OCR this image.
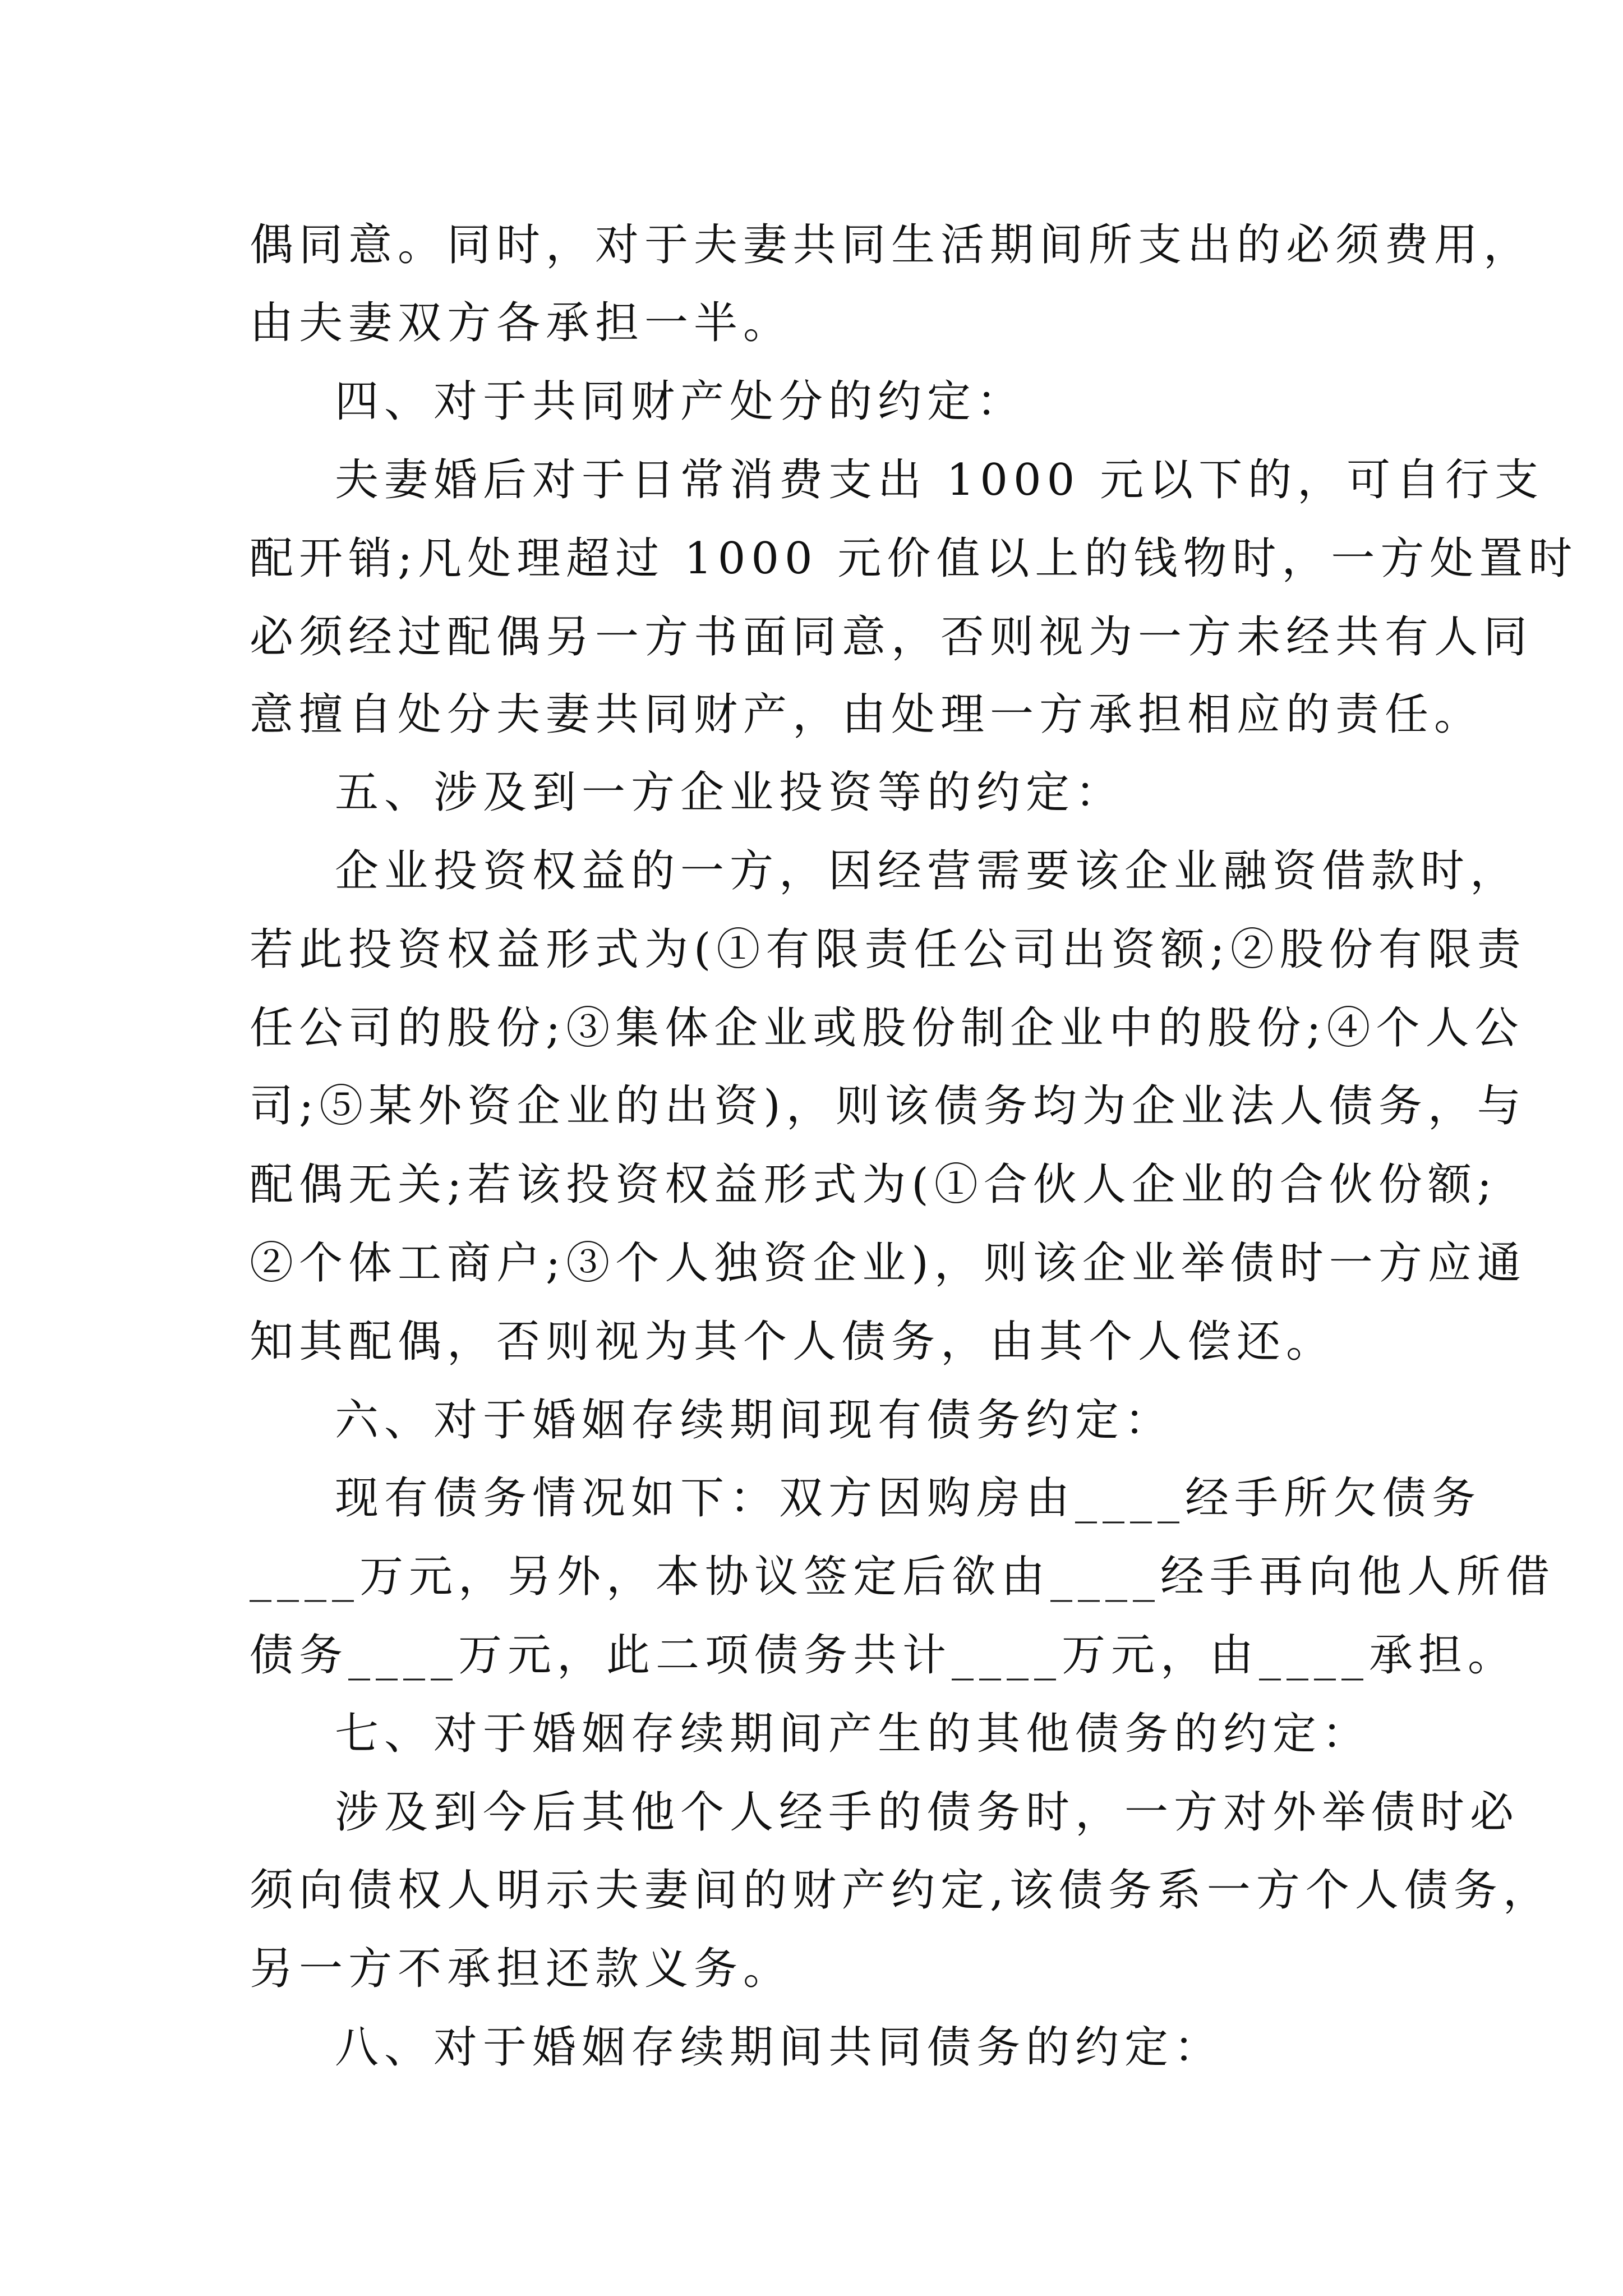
偶同意。同时，对于夫妻共同生活期间所支出的必须费用，
由夫妻双方各承担一半。
四、对于共同财产处分的约定：
夫妻婚后对于日常消费支出 1000 元以下的，可自行支
配开销;凡处理超过 1000 元价值以上的钱物时，一方处置时
必须经过配偶另一方书面同意，否则视为一方未经共有人同
意擅自处分夫妻共同财产，由处理一方承担相应的责任。
五、涉及到一方企业投资等的约定：
企业投资权益的一方，因经营需要该企业融资借款时，
若此投资权益形式为(①有限责任公司出资额;②股份有限责
任公司的股份;③集体企业或股份制企业中的股份;④个人公
司;⑤某外资企业的出资)，则该债务均为企业法人债务，与
配偶无关;若该投资权益形式为(①合伙人企业的合伙份额;
②个体工商户;③个人独资企业)，则该企业举债时一方应通
知其配偶，否则视为其个人债务，由其个人偿还。
六、对于婚姻存续期间现有债务约定：
现有债务情况如下：双方因购房由____经手所欠债务
____万元，另外，本协议签定后欲由____经手再向他人所借
债务____万元，此二项债务共计____万元，由____承担。
七、对于婚姻存续期间产生的其他债务的约定：
涉及到今后其他个人经手的债务时，一方对外举债时必
须向债权人明示夫妻间的财产约定,该债务系一方个人债务，
另一方不承担还款义务。
八、对于婚姻存续期间共同债务的约定：
